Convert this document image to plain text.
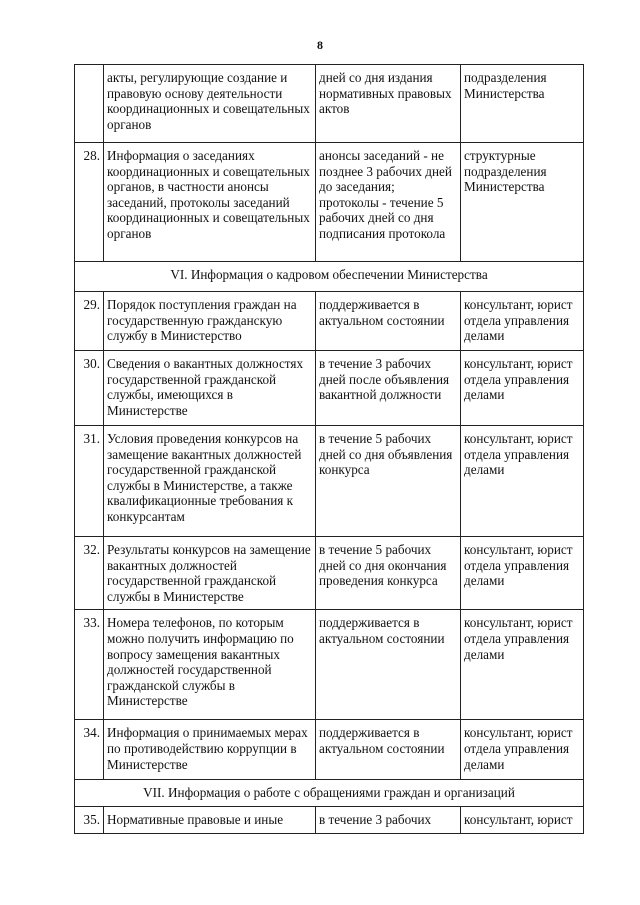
8
	акты, регулирующие создание и правовую основу деятельности координационных и совещательных органов	дней со дня издания нормативных правовых актов	подразделения Министерства
28.	Информация о заседаниях координационных и совещательных органов, в частности анонсы заседаний, протоколы заседаний координационных и совещательных органов	анонсы заседаний - не позднее 3 рабочих дней до заседания; протоколы - течение 5 рабочих дней со дня подписания протокола	структурные подразделения Министерства
VI. Информация о кадровом обеспечении Министерства			
29.	Порядок поступления граждан на государственную гражданскую службу в Министерство	поддерживается в актуальном состоянии	консультант, юрист отдела управления делами
30.	Сведения о вакантных должностях государственной гражданской службы, имеющихся в Министерстве	в течение 3 рабочих дней после объявления вакантной должности	консультант, юрист отдела управления делами
31.	Условия проведения конкурсов на замещение вакантных должностей государственной гражданской службы в Министерстве, а также квалификационные требования к конкурсантам	в течение 5 рабочих дней со дня объявления конкурса	консультант, юрист отдела управления делами
32.	Результаты конкурсов на замещение вакантных должностей государственной гражданской службы в Министерстве	в течение 5 рабочих дней со дня окончания проведения конкурса	консультант, юрист отдела управления делами
33.	Номера телефонов, по которым можно получить информацию по вопросу замещения вакантных должностей государственной гражданской службы в Министерстве	поддерживается в актуальном состоянии	консультант, юрист отдела управления делами
34.	Информация о принимаемых мерах по противодействию коррупции в Министерстве	поддерживается в актуальном состоянии	консультант, юрист отдела управления делами
VII. Информация о работе с обращениями граждан и организаций			
35.	Нормативные правовые и иные	в течение 3 рабочих	консультант, юрист
